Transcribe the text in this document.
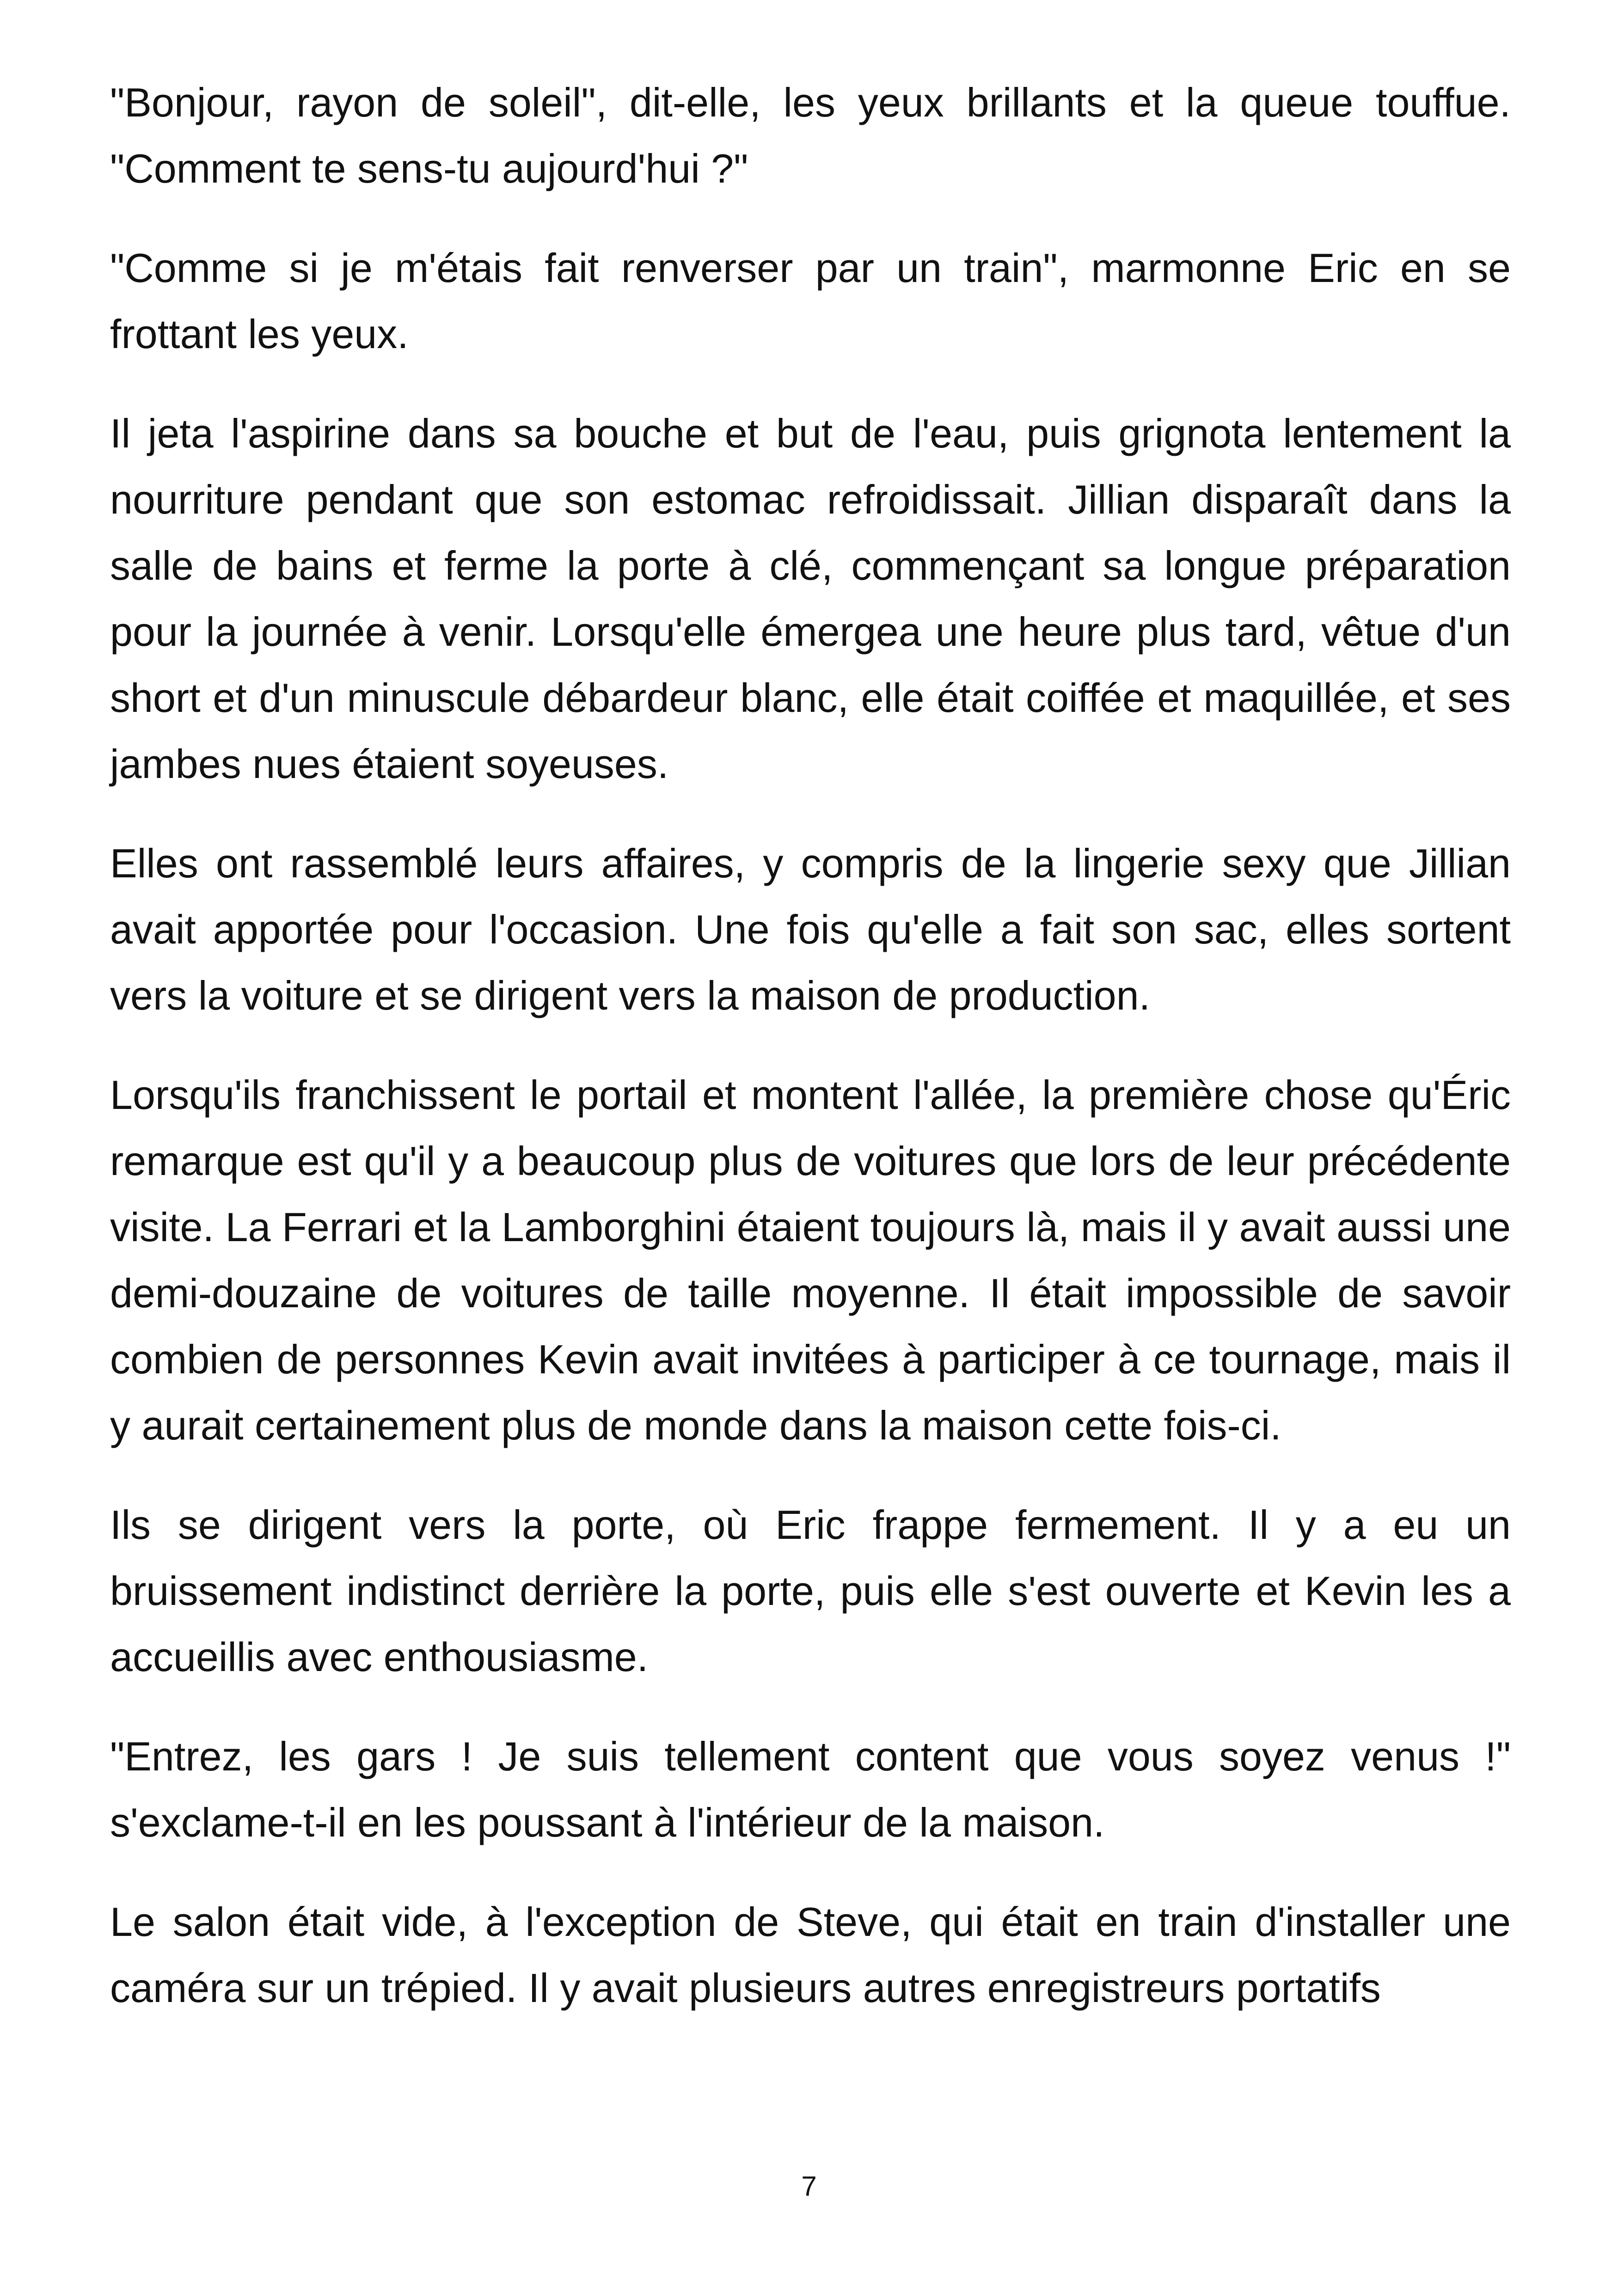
"Bonjour, rayon de soleil", dit-elle, les yeux brillants et la queue touffue. "Comment te sens-tu aujourd'hui ?"

"Comme si je m'étais fait renverser par un train", marmonne Eric en se frottant les yeux.

Il jeta l'aspirine dans sa bouche et but de l'eau, puis grignota lentement la nourriture pendant que son estomac refroidissait. Jillian disparaît dans la salle de bains et ferme la porte à clé, commençant sa longue préparation pour la journée à venir. Lorsqu'elle émergea une heure plus tard, vêtue d'un short et d'un minuscule débardeur blanc, elle était coiffée et maquillée, et ses jambes nues étaient soyeuses.

Elles ont rassemblé leurs affaires, y compris de la lingerie sexy que Jillian avait apportée pour l'occasion. Une fois qu'elle a fait son sac, elles sortent vers la voiture et se dirigent vers la maison de production.

Lorsqu'ils franchissent le portail et montent l'allée, la première chose qu'Éric remarque est qu'il y a beaucoup plus de voitures que lors de leur précédente visite. La Ferrari et la Lamborghini étaient toujours là, mais il y avait aussi une demi-douzaine de voitures de taille moyenne. Il était impossible de savoir combien de personnes Kevin avait invitées à participer à ce tournage, mais il y aurait certainement plus de monde dans la maison cette fois-ci.

Ils se dirigent vers la porte, où Eric frappe fermement. Il y a eu un bruissement indistinct derrière la porte, puis elle s'est ouverte et Kevin les a accueillis avec enthousiasme.

"Entrez, les gars ! Je suis tellement content que vous soyez venus !" s'exclame-t-il en les poussant à l'intérieur de la maison.

Le salon était vide, à l'exception de Steve, qui était en train d'installer une caméra sur un trépied. Il y avait plusieurs autres enregistreurs portatifs

7
